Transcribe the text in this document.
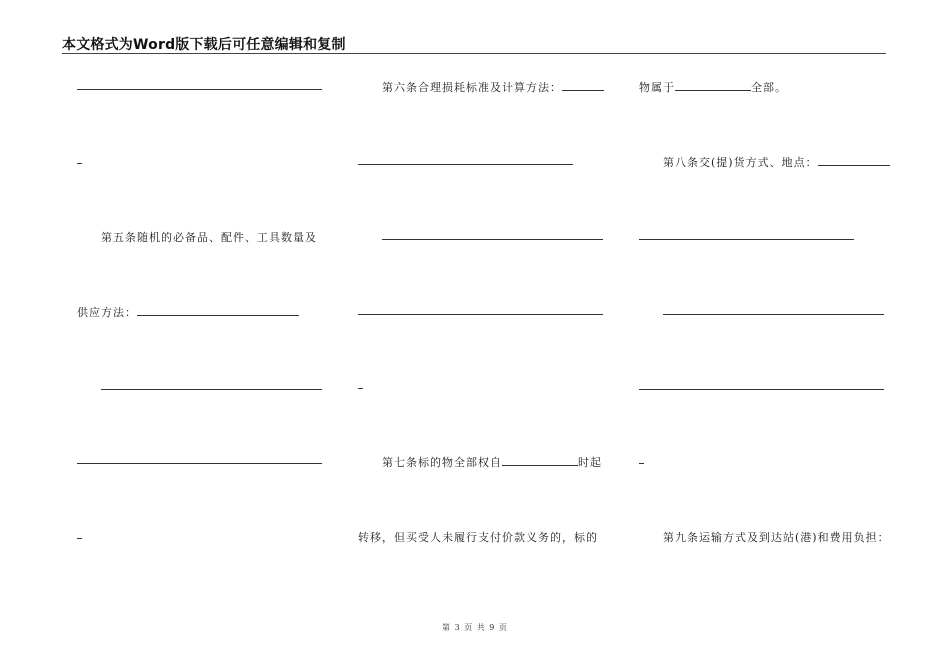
本文格式为Word版下载后可任意编辑和复制
第五条随机的必备品、配件、工具数量及
供应方法：
第六条合理损耗标准及计算方法：
第七条标的物全部权自	时起
转移，但买受人未履行支付价款义务的，标的
物属于	全部。
第八条交(提)货方式、地点：
第九条运输方式及到达站(港)和费用负担：
第 3 页 共 9 页
